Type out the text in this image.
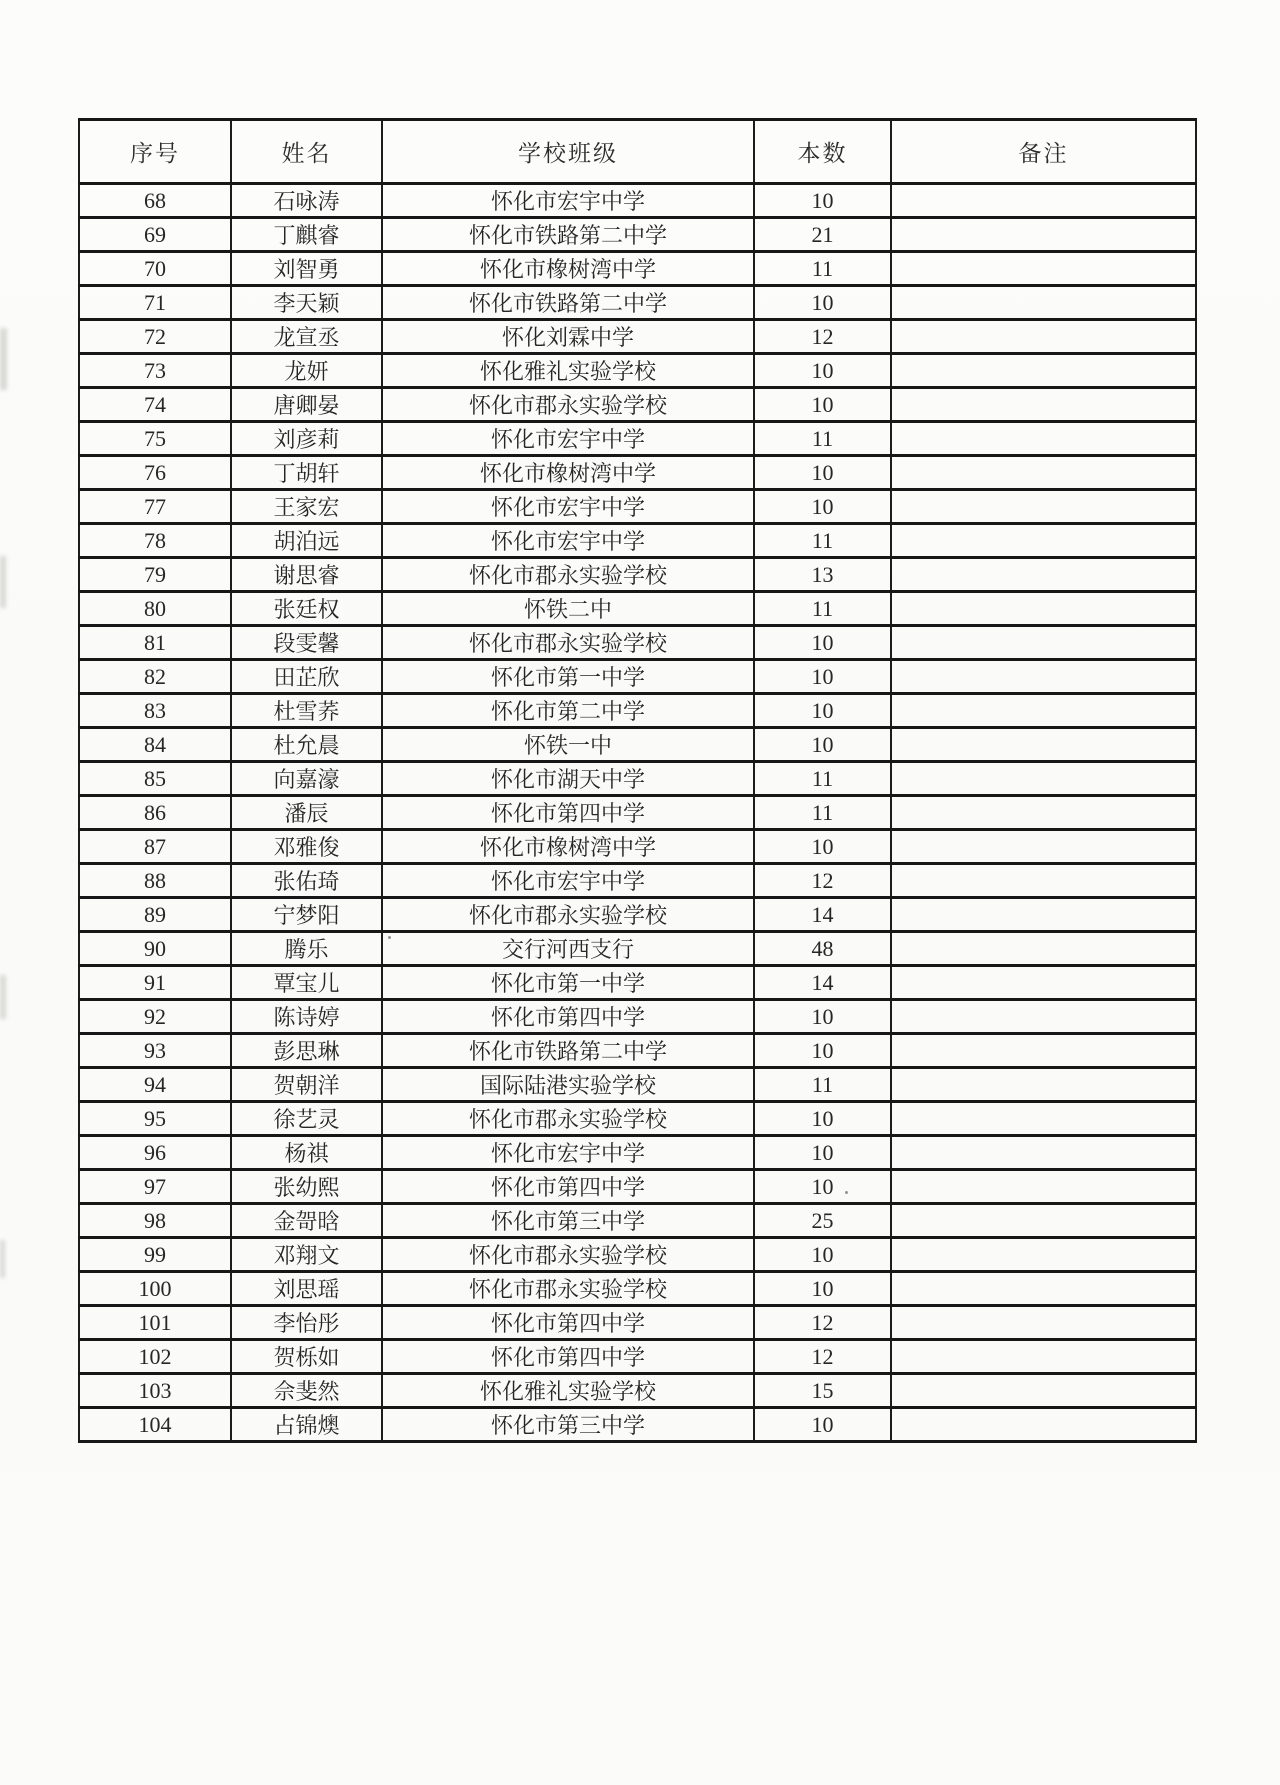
序号	姓名	学校班级	本数	备注
68	石咏涛	怀化市宏宇中学	10	
69	丁麒睿	怀化市铁路第二中学	21	
70	刘智勇	怀化市橡树湾中学	11	
71	李天颖	怀化市铁路第二中学	10	
72	龙宣丞	怀化刘霖中学	12	
73	龙妍	怀化雅礼实验学校	10	
74	唐卿晏	怀化市郡永实验学校	10	
75	刘彦莉	怀化市宏宇中学	11	
76	丁胡轩	怀化市橡树湾中学	10	
77	王家宏	怀化市宏宇中学	10	
78	胡泊远	怀化市宏宇中学	11	
79	谢思睿	怀化市郡永实验学校	13	
80	张廷权	怀铁二中	11	
81	段雯馨	怀化市郡永实验学校	10	
82	田芷欣	怀化市第一中学	10	
83	杜雪荞	怀化市第二中学	10	
84	杜允晨	怀铁一中	10	
85	向嘉濠	怀化市湖天中学	11	
86	潘辰	怀化市第四中学	11	
87	邓雅俊	怀化市橡树湾中学	10	
88	张佑琦	怀化市宏宇中学	12	
89	宁梦阳	怀化市郡永实验学校	14	
90	腾乐	交行河西支行	48	
91	覃宝儿	怀化市第一中学	14	
92	陈诗婷	怀化市第四中学	10	
93	彭思琳	怀化市铁路第二中学	10	
94	贺朝洋	国际陆港实验学校	11	
95	徐艺灵	怀化市郡永实验学校	10	
96	杨祺	怀化市宏宇中学	10	
97	张幼熙	怀化市第四中学	10	
98	金哿晗	怀化市第三中学	25	
99	邓翔文	怀化市郡永实验学校	10	
100	刘思瑶	怀化市郡永实验学校	10	
101	李怡彤	怀化市第四中学	12	
102	贺栎如	怀化市第四中学	12	
103	佘斐然	怀化雅礼实验学校	15	
104	占锦燠	怀化市第三中学	10	
